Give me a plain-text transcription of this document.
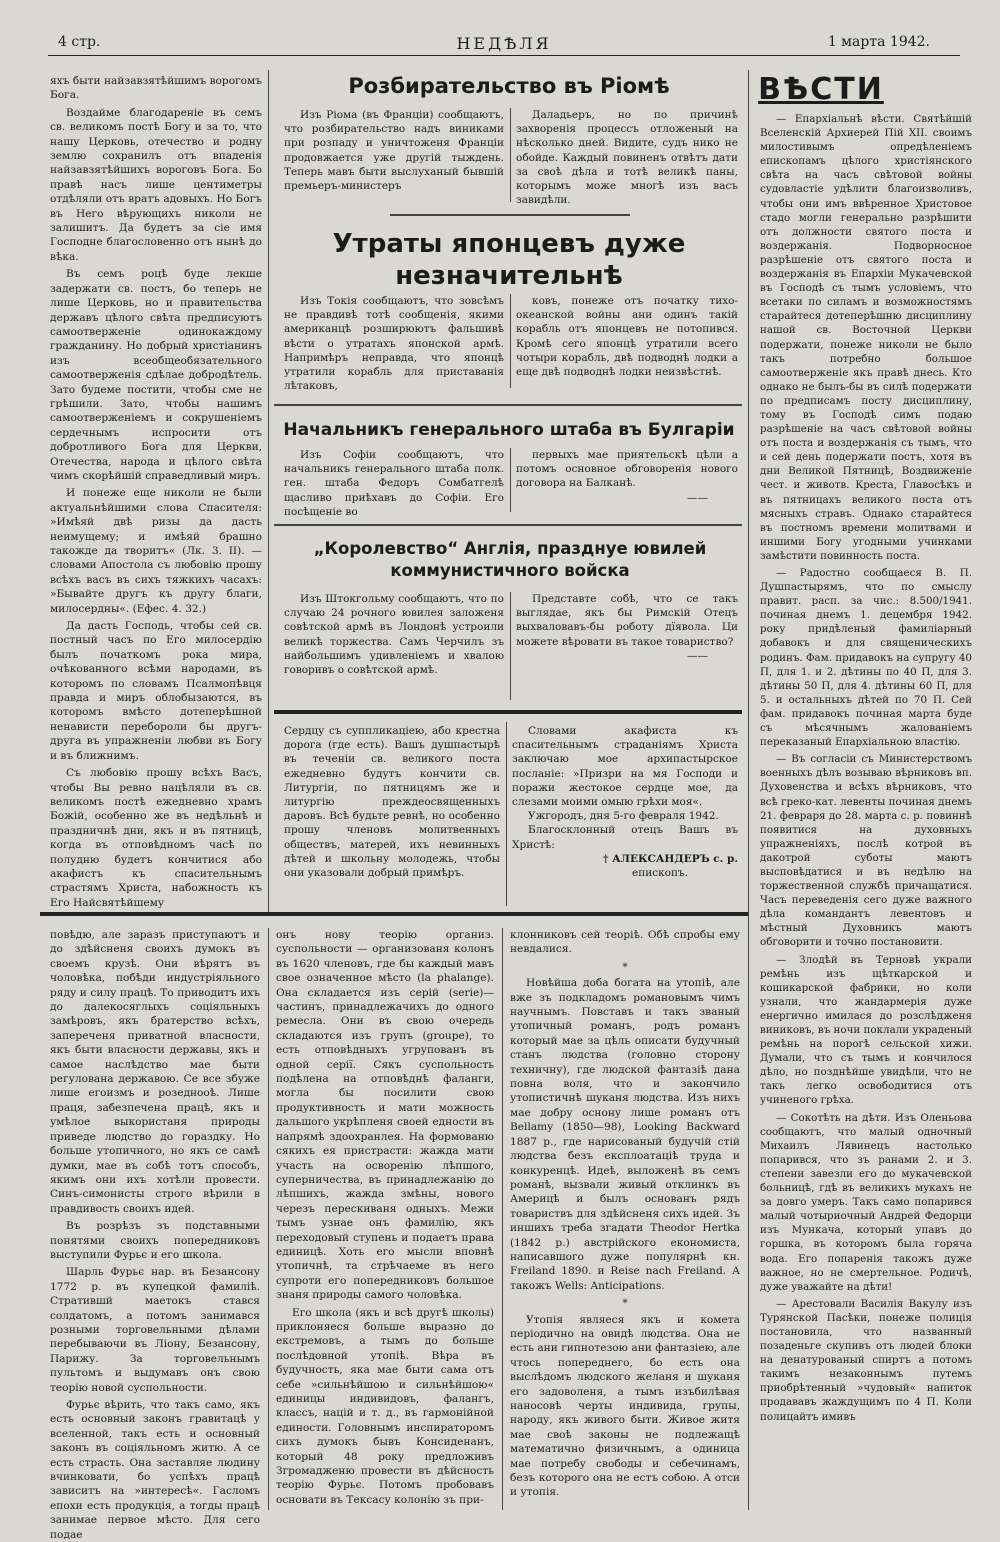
4 стр.	НЕДѢЛЯ	1 марта 1942.

яхъ быти найзавзятѣйшимъ ворогомъ Бога.

Воздайме благодареніе въ семъ св. великомъ постѣ Богу и за то, что нашу Церковь, отечество и родну землю сохранилъ отъ впаденія найзавзятѣйшихъ вороговъ Бога. Бо правѣ насъ лише центиметры отдѣляли отъ вратъ адовыхъ. Но Богъ въ Него вѣрующихъ николи не залишитъ. Да будетъ за сіе имя Господне благословенно отъ нынѣ до вѣка.

Въ семъ роцѣ буде лекше задержати св. постъ, бо теперь не лише Церковь, но и правительства державъ цѣлого свѣта предписуютъ самоотверженіе одинокаждому гражданину. Но добрый христіанинъ изъ всеобщеобязательного самоотверженія сдѣлае добродѣтель. Зато будеме постити, чтобы сме не грѣшили. Зато, чтобы нашимъ самоотверженіемъ и сокрушеніемъ сердечнымъ испросити отъ добротливого Бога для Церкви, Отечества, народа и цѣлого свѣта чимъ скорѣйшій справедливый миръ.

И понеже еще николи не были актуальнѣйшими слова Спасителя: »Имѣяй двѣ ризы да дасть неимущему; и имѣяй брашно такожде да творитъ« (Лк. 3. II). — словами Апостола съ любовію прошу всѣхъ васъ въ сихъ тяжкихъ часахъ: »Бывайте другъ къ другу благи, милосердны«. (Ефес. 4. 32.)

Да дасть Господь, чтобы сей св. постный часъ по Его милосердію былъ початкомъ рока мира, очѣкованного всѣми народами, въ которомъ по словамъ Псалмопѣвця правда и миръ облобызаются, въ которомъ вмѣсто дотеперѣшной ненависти перебороли бы другъ-друга въ упражненіи любви въ Богу и въ ближнимъ.

Съ любовію прошу всѣхъ Васъ, чтобы Вы ревно нацѣляли въ св. великомъ постѣ ежедневно храмъ Божій, особенно же въ недѣльнѣ и праздничнѣ дни, якъ и въ пятницѣ, когда въ отповѣдномъ часѣ по полудню будетъ кончитися або акафистъ къ спасительнымъ страстямъ Христа, набожность къ Его Найсвятѣйшему

Розбирательство въ Ріомѣ

Изъ Ріома (въ Франціи) сообщаютъ, что розбирательство надъ виниками при розпаду и уничтоженя Франціи продовжается уже другій тыждень. Теперь мавъ быти выслуханый бывшій премьеръ-министеръ

Даладьеръ, но по причинѣ захворенія процессъ отложеный на нѣсколько дней. Видите, судъ нико не обойде. Каждый повиненъ отвѣтъ дати за своѣ дѣла и тотѣ великѣ паны, которымъ може многѣ изъ васъ завидѣли.

Утраты японцевъ дуже незначительнѣ

Изъ Токія сообщаютъ, что зовсѣмъ не правдивѣ тотѣ сообщенія, якими американцѣ розширюютъ фальшивѣ вѣсти о утратахъ японской армѣ. Напримѣръ неправда, что японцѣ утратили корабль для приставанія лѣтаковъ,

ковъ, понеже отъ початку тихо-океанской войны ани одинъ такій корабль отъ японцевъ не потопився. Кромѣ сего японцѣ утратили всего чотыри корабль, двѣ подводнѣ лодки а еще двѣ подводнѣ лодки неизвѣстнѣ.

Начальникъ генерального штаба въ Булгаріи

Изъ Софіи сообщаютъ, что начальникъ генерального штаба полк. ген. штаба Федоръ Сомбатгелѣ щасливо приѣхавъ до Софіи. Его посѣщеніе во

первыхъ мае приятельскѣ цѣли а потомъ основное обговоренія нового договора на Балканѣ.

——
„Королевство“ Англія, празднуе ювилей коммунистичного войска

Изъ Штокгольму сообщаютъ, что по случаю 24 рочного ювилея заложеня совѣтской армѣ въ Лондонѣ устроили великѣ торжества. Самъ Черчилъ зъ найбольшимъ удивленіемъ и хвалою говоривъ о совѣтской армѣ.

Представте собѣ, что се такъ выглядае, якъ бы Римскій Отецъ выхваловавъ-бы роботу дїявола. Ци можете вѣровати въ такое товариство?

——

Сердцу съ суппликаціею, або крестна дорога (где есть). Вашъ душпастырѣ въ теченіи св. великого поста ежедневно будутъ кончити св. Литургіи, по пятницямъ же и литургію преждеосвященныхъ даровъ. Всѣ будьте ревнѣ, но особенно прошу членовъ молитвенныхъ обществъ, матерей, ихъ невинныхъ дѣтей и школьну молодежь, чтобы они указовали добрый примѣръ.

Словами акафиста къ спасительнымъ страданіямъ Христа заключаю мое архипастырское посланіе: »Призри на мя Господи и поражи жестокое сердце мое, да слезами моими омыю грѣхи моя«.

Ужгородъ, дня 5-го февраля 1942.

Благосклонный отецъ Вашъ въ Христѣ:

† АЛЕКСАНДЕРЪ с. р.
епископъ.
ВѢСТИ

— Епархіальнѣ вѣсти. Святѣйшій Вселенскій Архиерей Пій XII. своимъ милостивымъ опредѣленіемъ епископамъ цѣлого христіянского свѣта на часъ свѣтовой войны судовластіе удѣлити благоизволивъ, чтобы они имъ ввѣренное Христовое стадо могли генерально разрѣшити отъ должности святого поста и воздержанія. Подворносное разрѣшеніе отъ святого поста и воздержанія въ Епархіи Мукачевской въ Господѣ съ тымъ условіемъ, что всетаки по силамъ и возможностямъ старайтеся дотеперѣшню дисциплину нашой св. Восточной Церкви подержати, понеже николи не было такъ потребно большое самоотверженіе якъ правѣ днесь. Кто однако не былъ-бы въ силѣ подержати по предписамъ посту дисциплину, тому въ Господѣ симъ подаю разрѣшеніе на часъ свѣтовой войны отъ поста и воздержанія съ тымъ, что и сей день подержати постъ, хотя въ дни Великой Пятницѣ, Воздвиженіе чест. и животв. Креста, Главосѣкъ и въ пятницахъ великого поста отъ мясныхъ стравъ. Однако старайтеся въ постномъ времени молитвами и иншими Богу угодными учинками замѣстити повинность поста.

— Радостно сообщаеся В. П. Душпастырямъ, что по смыслу правит. расп. за чис.: 8.500/1941. починая днемъ 1. децембря 1942. року придѣленый фамиліарный добавокъ и для священическихъ родинъ. Фам. придавокъ на супругу 40 П, для 1. и 2. дѣтины по 40 П, для 3. дѣтины 50 П, для 4. дѣтины 60 П, для 5. и остальныхъ дѣтей по 70 П. Сей фам. придавокъ починая марта буде съ мѣсячнымъ жалованіемъ переказаный Епархіальною властію.

— Въ согласіи съ Министерствомъ военныхъ дѣлъ возываю вѣрниковъ вп. Духовенства и всѣхъ вѣрниковъ, что всѣ греко-кат. левенты починая днемъ 21. февраря до 28. марта с. р. повиннѣ появитися на духовныхъ упражненіяхъ, послѣ котрой въ дакотрой суботы маютъ высповѣдатися и въ недѣлю на торжественной службѣ причащатися. Часъ переведенія сего дуже важного дѣла командантъ левентовъ и мѣстный Духовникъ маютъ обговорити и точно постановити.

— Злодѣй въ Терновѣ украли ремѣнь изъ щѣткарской и кошикарской фабрики, но коли узнали, что жандармерія дуже енергично имилася до розслѣдженя виниковъ, въ ночи поклали украденый ремѣнь на порогѣ сельской хижи. Думали, что съ тымъ и кончилося дѣло, но позднѣйше увидѣли, что не такъ легко освободитися отъ учиненого грѣха.

— Сокотѣть на дѣти. Изъ Оленьова сообщаютъ, что малый одночный Михаилъ Лявинецъ настолько попарився, что зъ ранами 2. и 3. степени завезли его до мукачевской больницѣ, гдѣ въ великихъ мукахъ не за довго умеръ. Такъ само попарився малый чотыриочный Андрей Федорци изъ Мункача, который упавъ до горшка, въ которомъ была горяча вода. Его попаренія такожъ дуже важное, но не смертельное. Родичѣ, дуже уважайте на дѣти!

— Арестовали Василія Вакулу изъ Турянской Пасѣки, понеже полиція постановила, что названный позаденьге скупивъ отъ людей блоки на денатурованый спиртъ а потомъ такимъ незаконнымъ путемъ приобрѣтенный »чудовый« напиток продававъ жаждущимъ по 4 П. Коли полицайтъ имивъ

повѣдю, але заразъ приступаютъ и до здѣйсненя своихъ думокъ въ своемъ крузѣ. Они вѣрятъ въ чоловѣка, побѣди индустріяльного ряду и силу працѣ. То приводитъ ихъ до далекосяглыхъ соціяльныхъ замѣровъ, якъ братерство всѣхъ, запереченя приватной власности, якъ быти власности державы, якъ и самое наслѣдство мае быти регулована державою. Се все збуже лише егоизмъ и розеднооѣ. Лише праця, забезпечена працѣ, якъ и умѣлое выкористаня природы приведе людство до гораздку. Но больше утопичного, но якъ се самѣ думки, мае въ собѣ тотъ способъ, якимъ они ихъ хотѣли провести. Синъ-симонисты строго вѣрили в правдивость своихъ идей.

Въ розрѣзъ зъ подставными понятями своихъ попередниковъ выступили Фурьє и его школа.

Шарль Фурьє нар. въ Безансону 1772 р. въ купецкой фамиліѣ. Стратившй маетокъ стався солдатомъ, а потомъ занимався розными торговельными дѣлами перебываючи въ Ліону, Безансону, Парижу. За торговельнымъ пультомъ и выдумавъ онъ свою теорію новой суспольности.

Фурьє вѣрить, что такъ само, якъ есть основный законъ гравитацѣ у вселенной, такъ есть и основный законъ въ соціяльномъ житю. А се есть страсть. Она заставляе людину вчинковати, бо успѣхъ працѣ зависитъ на »интересѣ«. Гасломъ епохи есть продукція, а тогды працѣ занимае первое мѣсто. Для сего подае

онъ нову теорію организ. суспольности — организованя колонъ въ 1620 членовъ, где бы каждый мавъ свое означенное мѣсто (la phalange). Она складается изъ серій (serie)— частинъ, принадлежачихъ до одного ремесла. Они въ свою очередь складаются изъ групъ (groupe), то есть отповѣдныхъ угрупованъ въ одной серії. Сякъ суспольность подѣлена на отповѣднѣ фаланги, могла бы посилити свою продуктивность и мати можность дальшого укрѣпленя своей едности въ напрямѣ здоохранлея. На формованю сякихъ ея пристрасти: жажда мати участь на осворенію лѣпшого, суперничества, въ принадлежанію до лѣпшихъ, жажда змѣны, нового черезъ перескиваня одныхъ. Межи тымъ узнае онъ фамилію, якъ переходовый ступень и подаетъ права единицѣ. Хоть его мысли вповнѣ утопичнѣ, та стрѣчаеме въ него супроти его попередниковъ большое знаня природы самого чоловѣка.

Его школа (якъ и всѣ другѣ школы) приклоняеся больше выразно до екстремовъ, а тымъ до больше послѣдовной утопіѣ. Вѣра въ будучность, яка мае быти сама отъ себе »сильнѣйшою и сильнѣйшою« единицы индивидовъ, фалангъ, классъ, націй и т. д., въ гармонійной единости. Головнымъ инспираторомъ сихъ думокъ бывъ Консиденанъ, который 48 року предложивъ Згромадженю провести въ дѣйсность теорію Фурьє. Потомъ пробовавъ основати въ Тексасу колонію зъ при-

клонниковъ сей теоріѣ. Обѣ спробы ему невдалися.

*

Новѣйша доба богата на утопіѣ, але вже зъ подкладомъ романовымъ чимъ научнымъ. Повставъ и такъ званый утопичный романъ, родъ романъ который мае за цѣль описати будучный станъ людства (головно сторону техничну), где людской фантазіѣ дана повна воля, что и закончило утопистичнѣ шуканя людства. Изъ нихъ мае добру оснону лише романъ отъ Bellamy (1850—98), Looking Backward 1887 р., где нарисованый будучій стій людства безъ експлоатаціѣ труда и конкуренцѣ. Идеѣ, выложенѣ въ семъ романѣ, вызвали живый отклинкъ въ Америцѣ и былъ основанъ рядъ товариствъ для здѣйсненя сихъ идей. Зъ иншихъ треба згадати Theodor Hertka (1842 р.) австрійского економиста, написавшого дуже популярнѣ кн. Freiland 1890. и Reise nach Freiland. А такожъ Wells: Anticipations.

*

Утопія являеся якъ и комета періодично на овидѣ людства. Она не есть ани гипнотезою ани фантазіею, але чтось попереднего, бо есть она выслѣдомъ людского желаня и шуканя его задоволеня, а тымъ изъбилѣвая наносовѣ черты индивида, групы, народу, якъ живого быти. Живое житя мае своѣ законы не подлежащѣ математично физичнымъ, а одиница мае потребу свободы и себечинамъ, безъ которого она не естъ собою. А отси и утопія.
